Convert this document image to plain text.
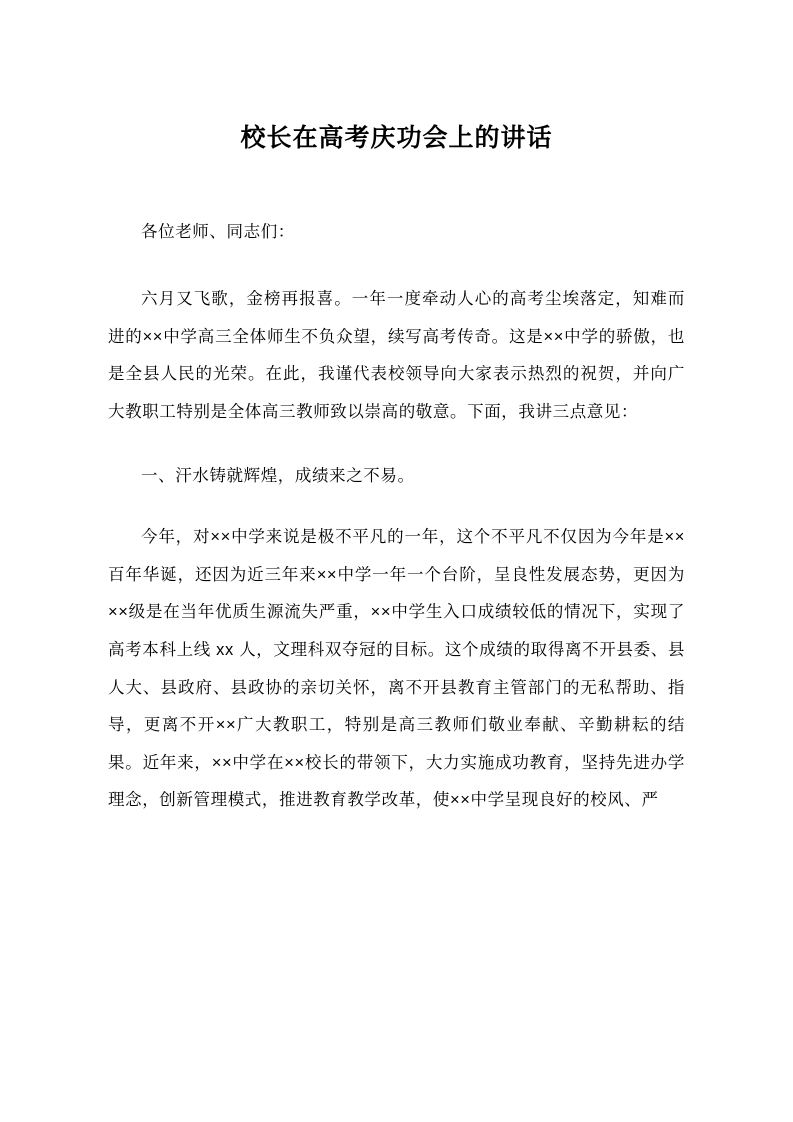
校长在高考庆功会上的讲话

各位老师、同志们：

六月又飞歌，金榜再报喜。一年一度牵动人心的高考尘埃落定，知难而进的××中学高三全体师生不负众望，续写高考传奇。这是××中学的骄傲，也是全县人民的光荣。在此，我谨代表校领导向大家表示热烈的祝贺，并向广大教职工特别是全体高三教师致以崇高的敬意。下面，我讲三点意见：

一、汗水铸就辉煌，成绩来之不易。

今年，对××中学来说是极不平凡的一年，这个不平凡不仅因为今年是××百年华诞，还因为近三年来××中学一年一个台阶，呈良性发展态势，更因为××级是在当年优质生源流失严重，××中学生入口成绩较低的情况下，实现了高考本科上线 xx 人，文理科双夺冠的目标。这个成绩的取得离不开县委、县人大、县政府、县政协的亲切关怀，离不开县教育主管部门的无私帮助、指导，更离不开××广大教职工，特别是高三教师们敬业奉献、辛勤耕耘的结果。近年来，××中学在××校长的带领下，大力实施成功教育，坚持先进办学理念，创新管理模式，推进教育教学改革，使××中学呈现良好的校风、严
